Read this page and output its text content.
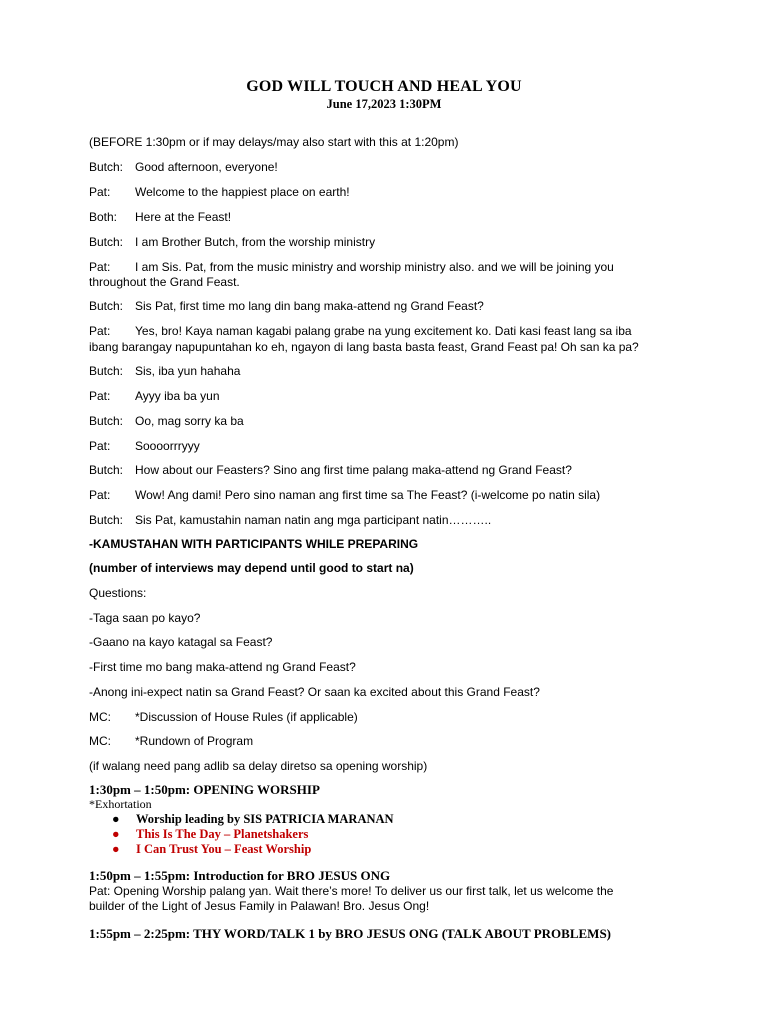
GOD WILL TOUCH AND HEAL YOU
June 17,2023 1:30PM
(BEFORE 1:30pm or if may delays/may also start with this at 1:20pm)
Butch: Good afternoon, everyone!
Pat: Welcome to the happiest place on earth!
Both: Here at the Feast!
Butch: I am Brother Butch, from the worship ministry
Pat: I am Sis. Pat, from the music ministry and worship ministry also. and we will be joining you
throughout the Grand Feast.
Butch: Sis Pat, first time mo lang din bang maka-attend ng Grand Feast?
Pat: Yes, bro! Kaya naman kagabi palang grabe na yung excitement ko. Dati kasi feast lang sa iba
ibang barangay napupuntahan ko eh, ngayon di lang basta basta feast, Grand Feast pa! Oh san ka pa?
Butch: Sis, iba yun hahaha
Pat: Ayyy iba ba yun
Butch: Oo, mag sorry ka ba
Pat: Soooorrryyy
Butch: How about our Feasters? Sino ang first time palang maka-attend ng Grand Feast?
Pat: Wow! Ang dami! Pero sino naman ang first time sa The Feast? (i-welcome po natin sila)
Butch: Sis Pat, kamustahin naman natin ang mga participant natin………..
-KAMUSTAHAN WITH PARTICIPANTS WHILE PREPARING
(number of interviews may depend until good to start na)
Questions:
-Taga saan po kayo?
-Gaano na kayo katagal sa Feast?
-First time mo bang maka-attend ng Grand Feast?
-Anong ini-expect natin sa Grand Feast? Or saan ka excited about this Grand Feast?
MC: *Discussion of House Rules (if applicable)
MC: *Rundown of Program
(if walang need pang adlib sa delay diretso sa opening worship)
1:30pm – 1:50pm: OPENING WORSHIP
*Exhortation
● Worship leading by SIS PATRICIA MARANAN
● This Is The Day – Planetshakers
● I Can Trust You – Feast Worship
1:50pm – 1:55pm: Introduction for BRO JESUS ONG
Pat: Opening Worship palang yan. Wait there’s more! To deliver us our first talk, let us welcome the
builder of the Light of Jesus Family in Palawan! Bro. Jesus Ong!
1:55pm – 2:25pm: THY WORD/TALK 1 by BRO JESUS ONG (TALK ABOUT PROBLEMS)
